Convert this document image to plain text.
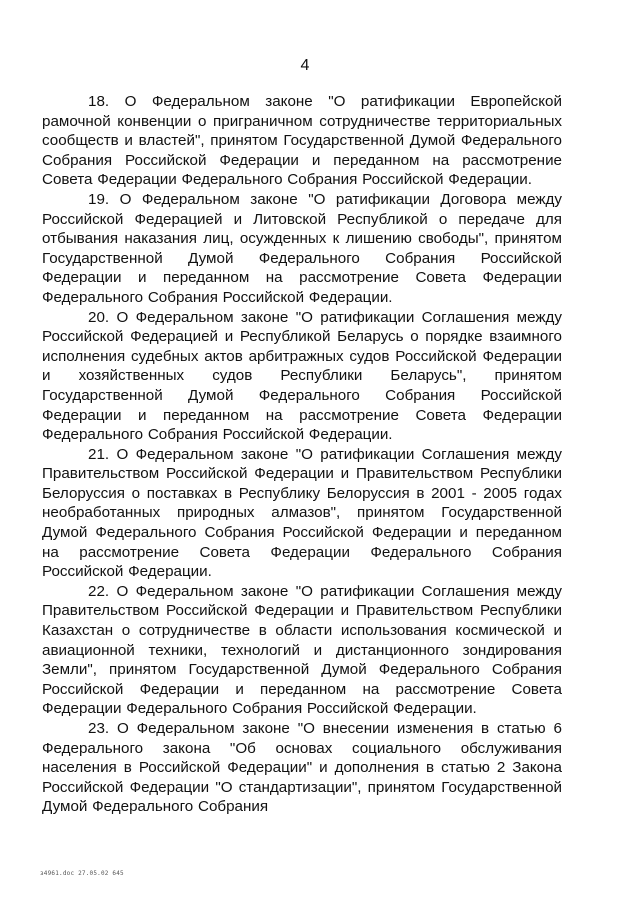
4

18. О Федеральном законе "О ратификации Европейской рамочной конвенции о приграничном сотрудничестве территориальных сообществ и властей", принятом Государственной Думой Федерального Собрания Российской Федерации и переданном на рассмотрение Совета Федерации Федерального Собрания Российской Федерации.

19. О Федеральном законе "О ратификации Договора между Российской Федерацией и Литовской Республикой о передаче для отбывания наказания лиц, осужденных к лишению свободы", принятом Государственной Думой Федерального Собрания Российской Федерации и переданном на рассмотрение Совета Федерации Федерального Собрания Российской Федерации.

20. О Федеральном законе "О ратификации Соглашения между Российской Федерацией и Республикой Беларусь о порядке взаимного исполнения судебных актов арбитражных судов Российской Федерации и хозяйственных судов Республики Беларусь", принятом Государственной Думой Федерального Собрания Российской Федерации и переданном на рассмотрение Совета Федерации Федерального Собрания Российской Федерации.

21. О Федеральном законе "О ратификации Соглашения между Правительством Российской Федерации и Правительством Республики Белоруссия о поставках в Республику Белоруссия в 2001 - 2005 годах необработанных природных алмазов", принятом Государственной Думой Федерального Собрания Российской Федерации и переданном на рассмотрение Совета Федерации Федерального Собрания Российской Федерации.

22. О Федеральном законе "О ратификации Соглашения между Правительством Российской Федерации и Правительством Республики Казахстан о сотрудничестве в области использования космической и авиационной техники, технологий и дистанционного зондирования Земли", принятом Государственной Думой Федерального Собрания Российской Федерации и переданном на рассмотрение Совета Федерации Федерального Собрания Российской Федерации.

23. О Федеральном законе "О внесении изменения в статью 6 Федерального закона "Об основах социального обслуживания населения в Российской Федерации" и дополнения в статью 2 Закона Российской Федерации "О стандартизации", принятом Государственной Думой Федерального Собрания

з4961.doc 27.05.02 645
